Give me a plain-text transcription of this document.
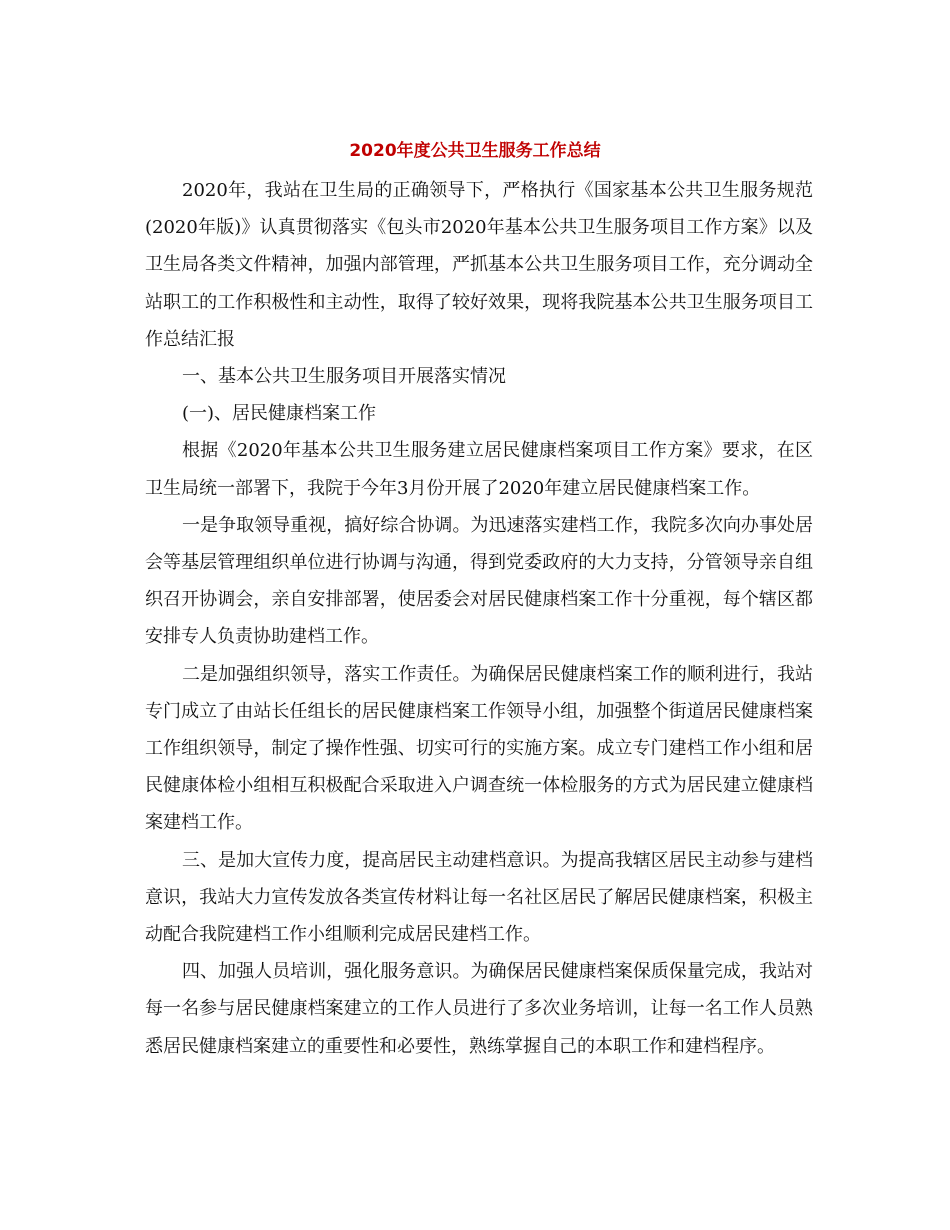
2020年度公共卫生服务工作总结

2020年，我站在卫生局的正确领导下，严格执行《国家基本公共卫生服务规范(2020年版)》认真贯彻落实《包头市2020年基本公共卫生服务项目工作方案》以及卫生局各类文件精神，加强内部管理，严抓基本公共卫生服务项目工作，充分调动全站职工的工作积极性和主动性，取得了较好效果，现将我院基本公共卫生服务项目工作总结汇报

一、基本公共卫生服务项目开展落实情况

(一)、居民健康档案工作

根据《2020年基本公共卫生服务建立居民健康档案项目工作方案》要求，在区卫生局统一部署下，我院于今年3月份开展了2020年建立居民健康档案工作。

一是争取领导重视，搞好综合协调。为迅速落实建档工作，我院多次向办事处居会等基层管理组织单位进行协调与沟通，得到党委政府的大力支持，分管领导亲自组织召开协调会，亲自安排部署，使居委会对居民健康档案工作十分重视，每个辖区都安排专人负责协助建档工作。

二是加强组织领导，落实工作责任。为确保居民健康档案工作的顺利进行，我站专门成立了由站长任组长的居民健康档案工作领导小组，加强整个街道居民健康档案工作组织领导，制定了操作性强、切实可行的实施方案。成立专门建档工作小组和居民健康体检小组相互积极配合采取进入户调查统一体检服务的方式为居民建立健康档案建档工作。

三、是加大宣传力度，提高居民主动建档意识。为提高我辖区居民主动参与建档意识，我站大力宣传发放各类宣传材料让每一名社区居民了解居民健康档案，积极主动配合我院建档工作小组顺利完成居民建档工作。

四、加强人员培训，强化服务意识。为确保居民健康档案保质保量完成，我站对每一名参与居民健康档案建立的工作人员进行了多次业务培训，让每一名工作人员熟悉居民健康档案建立的重要性和必要性，熟练掌握自己的本职工作和建档程序。
